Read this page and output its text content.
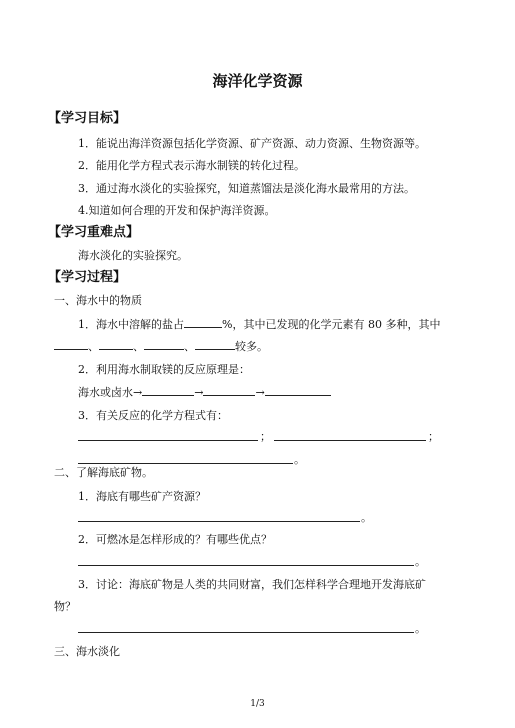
海洋化学资源
【学习目标】
1．能说出海洋资源包括化学资源、矿产资源、动力资源、生物资源等。
2．能用化学方程式表示海水制镁的转化过程。
3．通过海水淡化的实验探究，知道蒸馏法是淡化海水最常用的方法。
4.知道如何合理的开发和保护海洋资源。
【学习重难点】
海水淡化的实验探究。
【学习过程】
一、海水中的物质
1．海水中溶解的盐占	%，其中已发现的化学元素有 80 多种，其中
、	、	、	较多。
2．利用海水制取镁的反应原理是：
海水或卤水→	→	→
3．有关反应的化学方程式有：
；	；
。
二、了解海底矿物。
1．海底有哪些矿产资源？
。
2．可燃冰是怎样形成的？有哪些优点？
。
3．讨论：海底矿物是人类的共同财富，我们怎样科学合理地开发海底矿
物？
。
三、海水淡化
1/3
